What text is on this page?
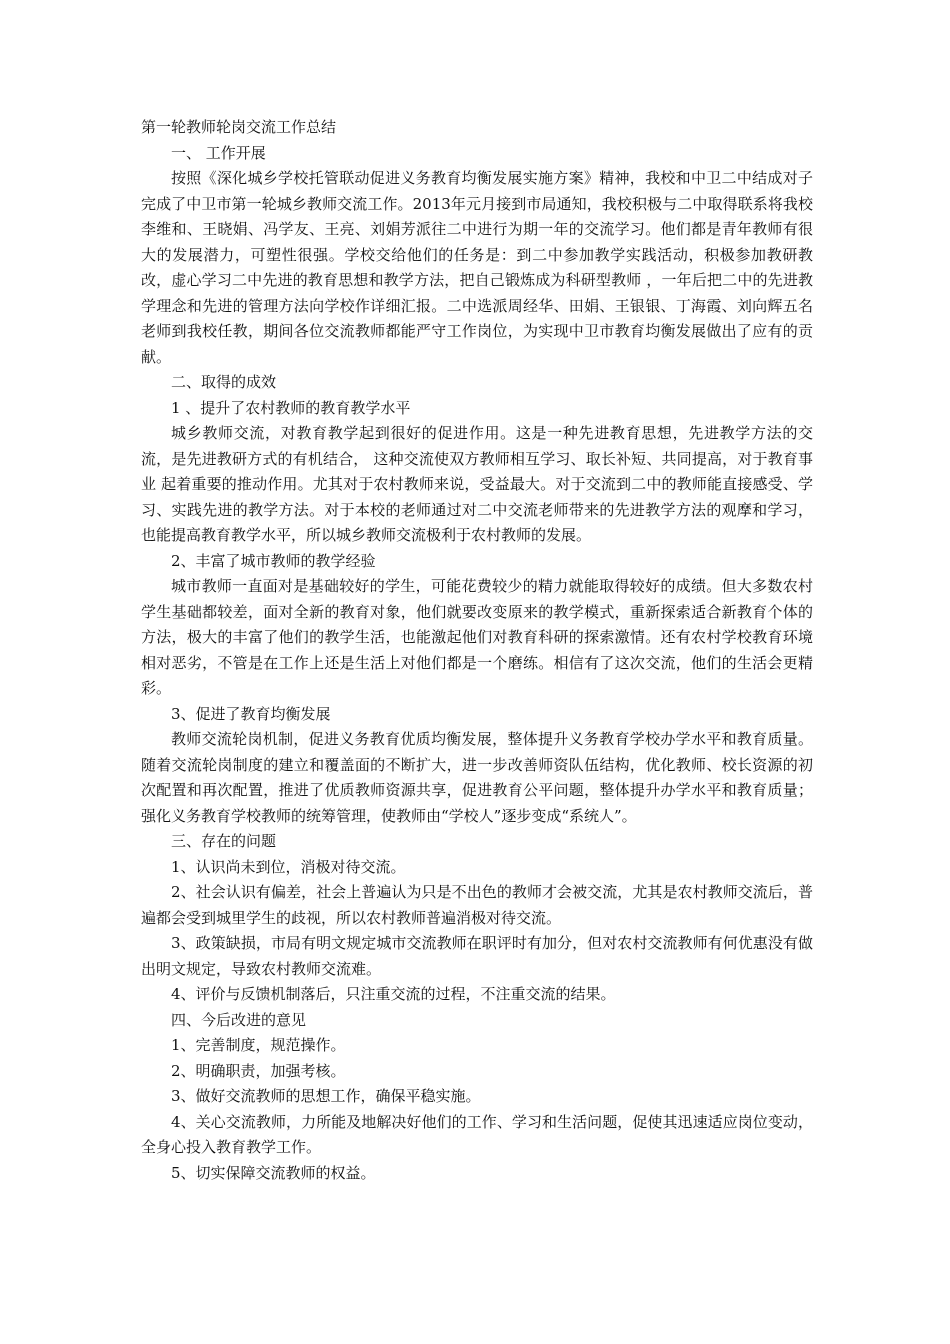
第一轮教师轮岗交流工作总结

一、 工作开展

按照《深化城乡学校托管联动促进义务教育均衡发展实施方案》精神，我校和中卫二中结成对子完成了中卫市第一轮城乡教师交流工作。2013年元月接到市局通知，我校积极与二中取得联系将我校李维和、王晓娟、冯学友、王亮、刘娟芳派往二中进行为期一年的交流学习。他们都是青年教师有很大的发展潜力，可塑性很强。学校交给他们的任务是：到二中参加教学实践活动，积极参加教研教改，虚心学习二中先进的教育思想和教学方法，把自己锻炼成为科研型教师 ，一年后把二中的先进教学理念和先进的管理方法向学校作详细汇报。二中选派周经华、田娟、王银银、丁海霞、刘向辉五名老师到我校任教，期间各位交流教师都能严守工作岗位，为实现中卫市教育均衡发展做出了应有的贡献。

二、取得的成效

1 、提升了农村教师的教育教学水平

城乡教师交流，对教育教学起到很好的促进作用。这是一种先进教育思想，先进教学方法的交流，是先进教研方式的有机结合， 这种交流使双方教师相互学习、取长补短、共同提高，对于教育事业 起着重要的推动作用。尤其对于农村教师来说，受益最大。对于交流到二中的教师能直接感受、学习、实践先进的教学方法。对于本校的老师通过对二中交流老师带来的先进教学方法的观摩和学习，也能提高教育教学水平，所以城乡教师交流极利于农村教师的发展。

2、丰富了城市教师的教学经验

城市教师一直面对是基础较好的学生，可能花费较少的精力就能取得较好的成绩。但大多数农村学生基础都较差，面对全新的教育对象，他们就要改变原来的教学模式，重新探索适合新教育个体的方法，极大的丰富了他们的教学生活，也能激起他们对教育科研的探索激情。还有农村学校教育环境相对恶劣，不管是在工作上还是生活上对他们都是一个磨练。相信有了这次交流，他们的生活会更精彩。

3、促进了教育均衡发展

教师交流轮岗机制，促进义务教育优质均衡发展，整体提升义务教育学校办学水平和教育质量。随着交流轮岗制度的建立和覆盖面的不断扩大，进一步改善师资队伍结构，优化教师、校长资源的初次配置和再次配置，推进了优质教师资源共享，促进教育公平问题，整体提升办学水平和教育质量；强化义务教育学校教师的统筹管理，使教师由“学校人”逐步变成“系统人”。

三、存在的问题

1、认识尚未到位，消极对待交流。

2、社会认识有偏差，社会上普遍认为只是不出色的教师才会被交流，尤其是农村教师交流后，普遍都会受到城里学生的歧视，所以农村教师普遍消极对待交流。

3、政策缺损，市局有明文规定城市交流教师在职评时有加分，但对农村交流教师有何优惠没有做出明文规定，导致农村教师交流难。

4、评价与反馈机制落后，只注重交流的过程，不注重交流的结果。

四、今后改进的意见

1、完善制度，规范操作。

2、明确职责，加强考核。

3、做好交流教师的思想工作，确保平稳实施。

4、关心交流教师，力所能及地解决好他们的工作、学习和生活问题，促使其迅速适应岗位变动，全身心投入教育教学工作。

5、切实保障交流教师的权益。
